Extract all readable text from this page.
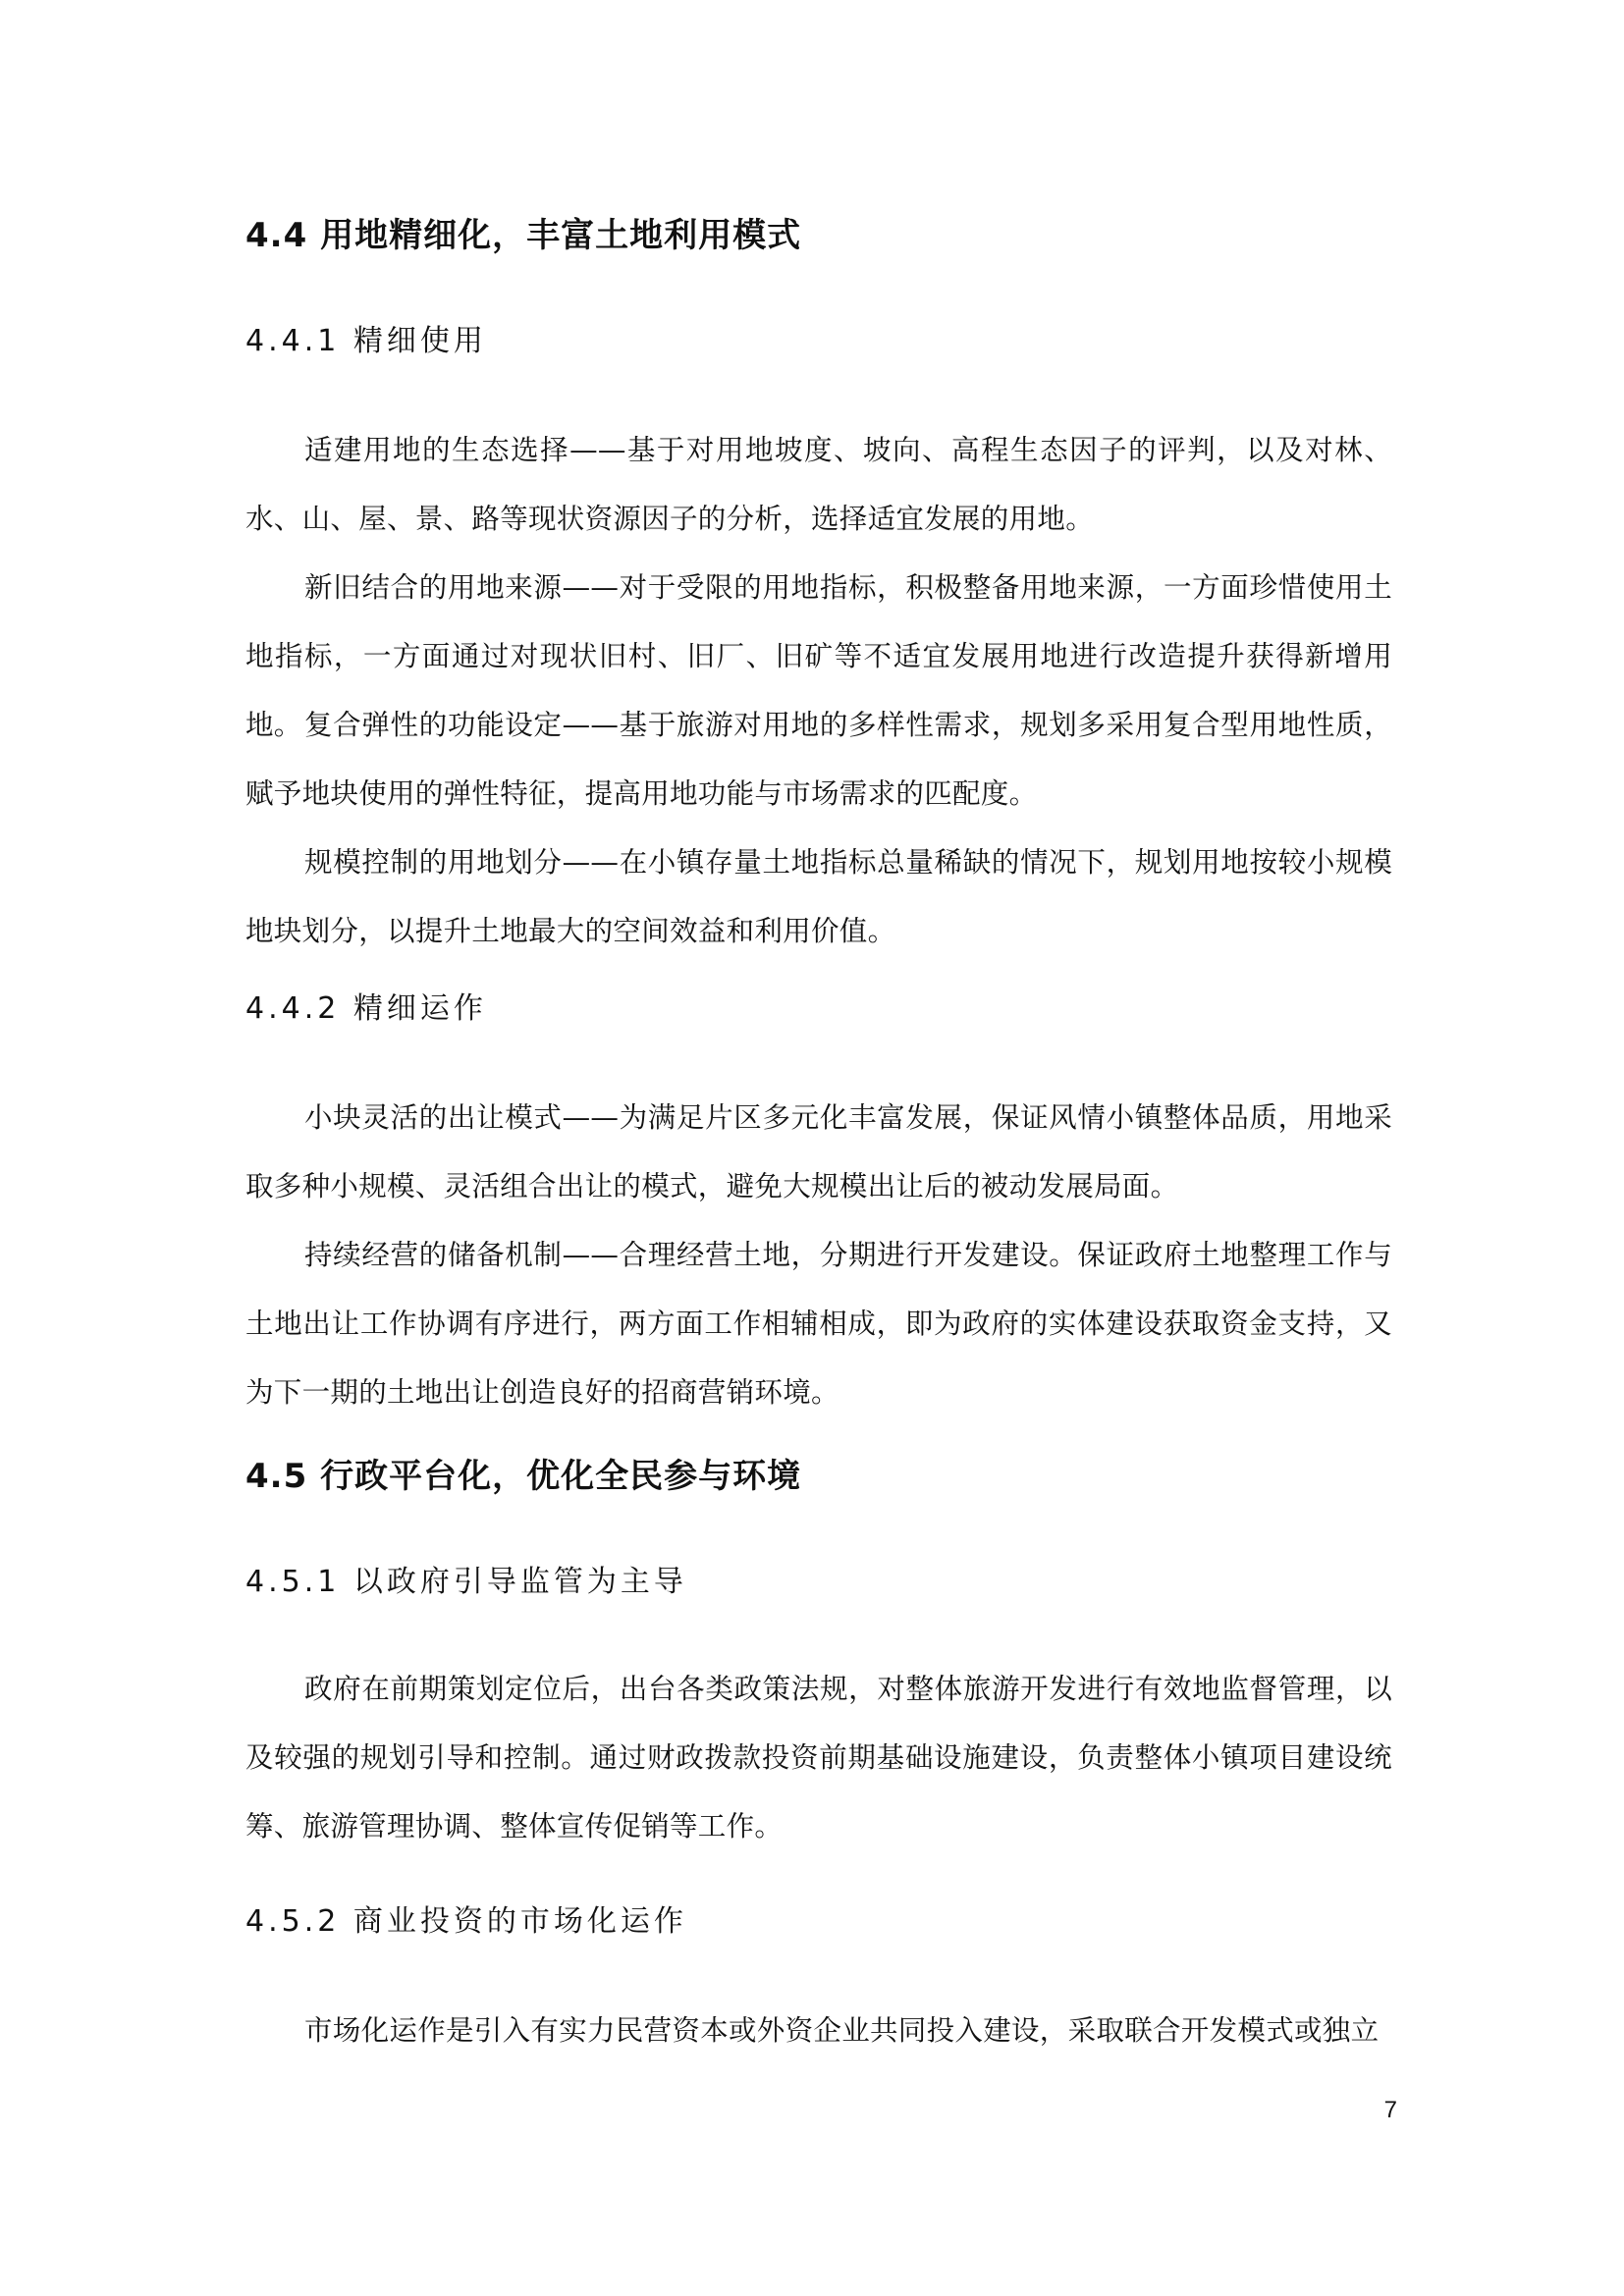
4.4 用地精细化，丰富土地利用模式
4.4.1 精细使用
适建用地的生态选择——基于对用地坡度、坡向、高程生态因子的评判，以及对林、水、山、屋、景、路等现状资源因子的分析，选择适宜发展的用地。
新旧结合的用地来源——对于受限的用地指标，积极整备用地来源，一方面珍惜使用土地指标，一方面通过对现状旧村、旧厂、旧矿等不适宜发展用地进行改造提升获得新增用地。 复合弹性的功能设定——基于旅游对用地的多样性需求，规划多采用复合型用地性质，赋予地块使用的弹性特征，提高用地功能与市场需求的匹配度。
规模控制的用地划分——在小镇存量土地指标总量稀缺的情况下，规划用地按较小规模地块划分，以提升土地最大的空间效益和利用价值。
4.4.2 精细运作
小块灵活的出让模式——为满足片区多元化丰富发展，保证风情小镇整体品质，用地采取多种小规模、灵活组合出让的模式，避免大规模出让后的被动发展局面。
持续经营的储备机制——合理经营土地，分期进行开发建设。保证政府土地整理工作与土地出让工作协调有序进行，两方面工作相辅相成，即为政府的实体建设获取资金支持，又为下一期的土地出让创造良好的招商营销环境。
4.5 行政平台化，优化全民参与环境
4.5.1 以政府引导监管为主导
政府在前期策划定位后，出台各类政策法规，对整体旅游开发进行有效地监督管理，以及较强的规划引导和控制。通过财政拨款投资前期基础设施建设，负责整体小镇项目建设统筹、旅游管理协调、整体宣传促销等工作。
4.5.2 商业投资的市场化运作
市场化运作是引入有实力民营资本或外资企业共同投入建设，采取联合开发模式或独立
7
